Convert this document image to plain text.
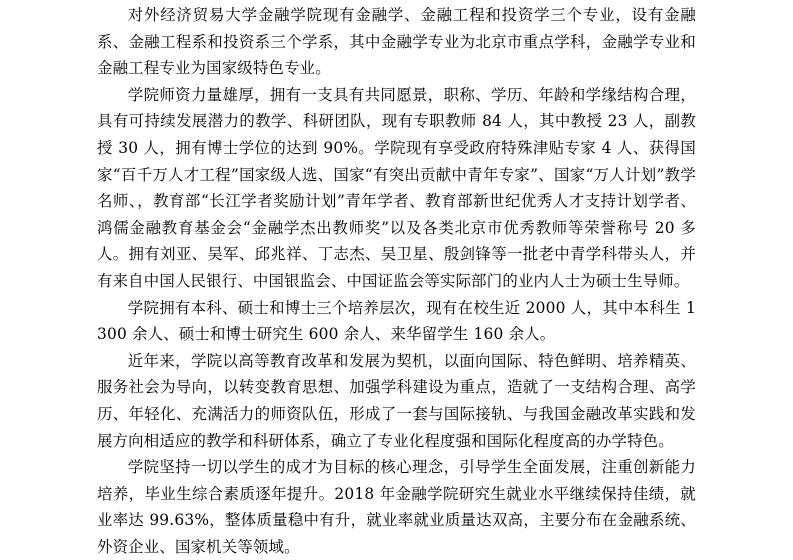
对外经济贸易大学金融学院现有金融学、金融工程和投资学三个专业，设有金融系、金融工程系和投资系三个学系，其中金融学专业为北京市重点学科，金融学专业和金融工程专业为国家级特色专业。

学院师资力量雄厚，拥有一支具有共同愿景，职称、学历、年龄和学缘结构合理，具有可持续发展潜力的教学、科研团队，现有专职教师 84 人，其中教授 23 人，副教授 30 人，拥有博士学位的达到 90%。学院现有享受政府特殊津贴专家 4 人、获得国家“百千万人才工程”国家级人选、国家“有突出贡献中青年专家”、国家“万人计划”教学名师、，教育部“长江学者奖励计划”青年学者、教育部新世纪优秀人才支持计划学者、鸿儒金融教育基金会“金融学杰出教师奖”以及各类北京市优秀教师等荣誉称号 20 多人。拥有刘亚、吴军、邱兆祥、丁志杰、吴卫星、殷剑锋等一批老中青学科带头人，并有来自中国人民银行、中国银监会、中国证监会等实际部门的业内人士为硕士生导师。

学院拥有本科、硕士和博士三个培养层次，现有在校生近 2000 人，其中本科生 1300 余人、硕士和博士研究生 600 余人、来华留学生 160 余人。

近年来，学院以高等教育改革和发展为契机，以面向国际、特色鲜明、培养精英、服务社会为导向，以转变教育思想、加强学科建设为重点，造就了一支结构合理、高学历、年轻化、充满活力的师资队伍，形成了一套与国际接轨、与我国金融改革实践和发展方向相适应的教学和科研体系，确立了专业化程度强和国际化程度高的办学特色。

学院坚持一切以学生的成才为目标的核心理念，引导学生全面发展，注重创新能力培养，毕业生综合素质逐年提升。2018 年金融学院研究生就业水平继续保持佳绩，就业率达 99.63%，整体质量稳中有升，就业率就业质量达双高，主要分布在金融系统、外资企业、国家机关等领域。
